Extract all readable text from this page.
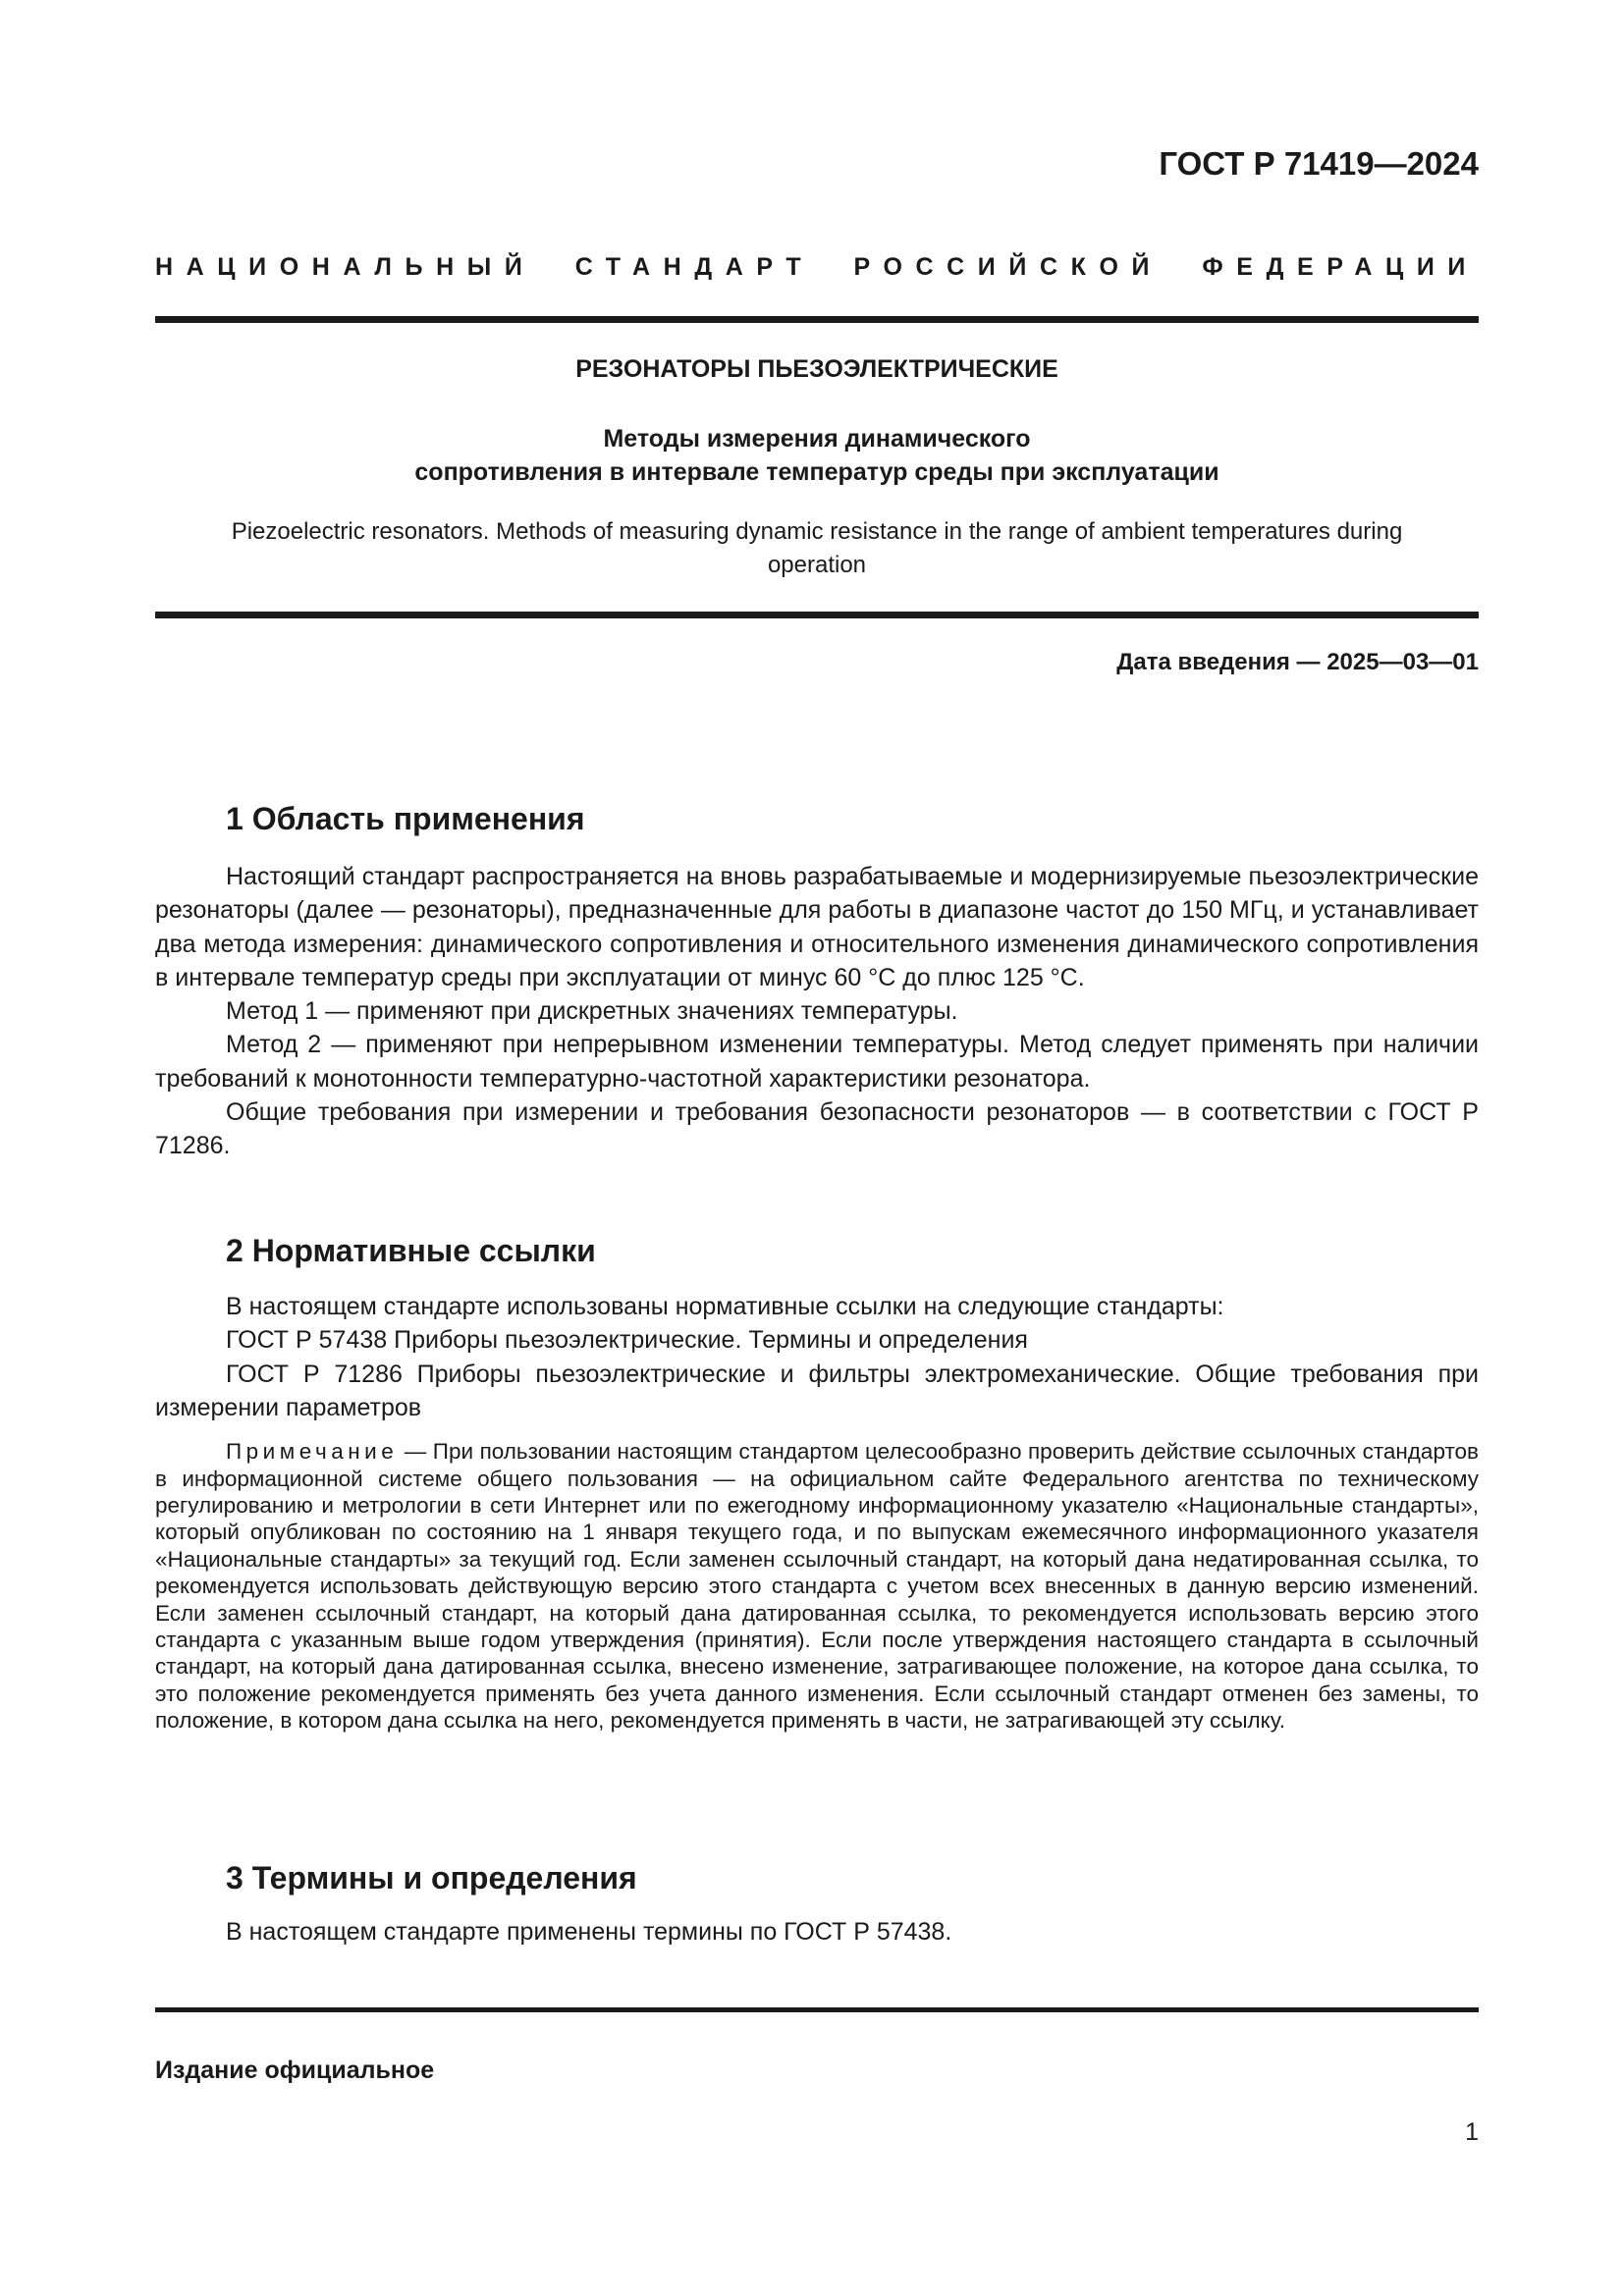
ГОСТ Р 71419—2024
НАЦИОНАЛЬНЫЙ СТАНДАРТ РОССИЙСКОЙ ФЕДЕРАЦИИ
РЕЗОНАТОРЫ ПЬЕЗОЭЛЕКТРИЧЕСКИЕ
Методы измерения динамического
сопротивления в интервале температур среды при эксплуатации
Piezoelectric resonators. Methods of measuring dynamic resistance in the range of ambient temperatures during operation
Дата введения — 2025—03—01
1 Область применения

Настоящий стандарт распространяется на вновь разрабатываемые и модернизируемые пьезоэлектрические резонаторы (далее — резонаторы), предназначенные для работы в диапазоне частот до 150 МГц, и устанавливает два метода измерения: динамического сопротивления и относительного изменения динамического сопротивления в интервале температур среды при эксплуатации от минус 60 °С до плюс 125 °С.

Метод 1 — применяют при дискретных значениях температуры.

Метод 2 — применяют при непрерывном изменении температуры. Метод следует применять при наличии требований к монотонности температурно-частотной характеристики резонатора.

Общие требования при измерении и требования безопасности резонаторов — в соответствии с ГОСТ Р 71286.

2 Нормативные ссылки

В настоящем стандарте использованы нормативные ссылки на следующие стандарты:

ГОСТ Р 57438 Приборы пьезоэлектрические. Термины и определения

ГОСТ Р 71286 Приборы пьезоэлектрические и фильтры электромеханические. Общие требования при измерении параметров

Примечание — При пользовании настоящим стандартом целесообразно проверить действие ссылочных стандартов в информационной системе общего пользования — на официальном сайте Федерального агентства по техническому регулированию и метрологии в сети Интернет или по ежегодному информационному указателю «Национальные стандарты», который опубликован по состоянию на 1 января текущего года, и по выпускам ежемесячного информационного указателя «Национальные стандарты» за текущий год. Если заменен ссылочный стандарт, на который дана недатированная ссылка, то рекомендуется использовать действующую версию этого стандарта с учетом всех внесенных в данную версию изменений. Если заменен ссылочный стандарт, на который дана датированная ссылка, то рекомендуется использовать версию этого стандарта с указанным выше годом утверждения (принятия). Если после утверждения настоящего стандарта в ссылочный стандарт, на который дана датированная ссылка, внесено изменение, затрагивающее положение, на которое дана ссылка, то это положение рекомендуется применять без учета данного изменения. Если ссылочный стандарт отменен без замены, то положение, в котором дана ссылка на него, рекомендуется применять в части, не затрагивающей эту ссылку.

3 Термины и определения

В настоящем стандарте применены термины по ГОСТ Р 57438.

Издание официальное
1
